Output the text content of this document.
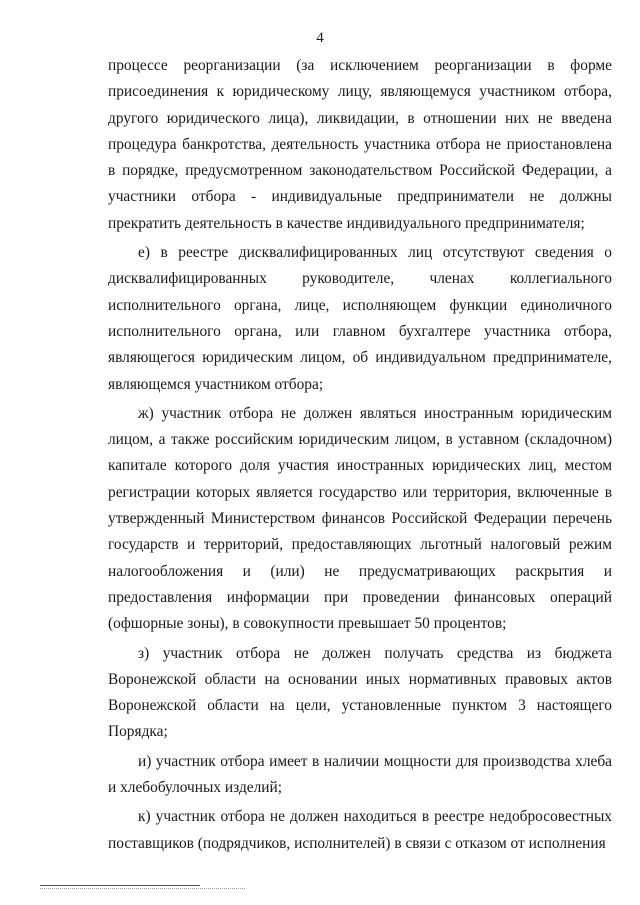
4

процессе реорганизации (за исключением реорганизации в форме присоединения к юридическому лицу, являющемуся участником отбора, другого юридического лица), ликвидации, в отношении них не введена процедура банкротства, деятельность участника отбора не приостановлена в порядке, предусмотренном законодательством Российской Федерации, а участники отбора - индивидуальные предприниматели не должны прекратить деятельность в качестве индивидуального предпринимателя;

е) в реестре дисквалифицированных лиц отсутствуют сведения о дисквалифицированных руководителе, членах коллегиального исполнительного органа, лице, исполняющем функции единоличного исполнительного органа, или главном бухгалтере участника отбора, являющегося юридическим лицом, об индивидуальном предпринимателе, являющемся участником отбора;

ж) участник отбора не должен являться иностранным юридическим лицом, а также российским юридическим лицом, в уставном (складочном) капитале которого доля участия иностранных юридических лиц, местом регистрации которых является государство или территория, включенные в утвержденный Министерством финансов Российской Федерации перечень государств и территорий, предоставляющих льготный налоговый режим налогообложения и (или) не предусматривающих раскрытия и предоставления информации при проведении финансовых операций (офшорные зоны), в совокупности превышает 50 процентов;

з) участник отбора не должен получать средства из бюджета Воронежской области на основании иных нормативных правовых актов Воронежской области на цели, установленные пунктом 3 настоящего Порядка;

и) участник отбора имеет в наличии мощности для производства хлеба и хлебобулочных изделий;

к) участник отбора не должен находиться в реестре недобросовестных поставщиков (подрядчиков, исполнителей) в связи с отказом от исполнения
